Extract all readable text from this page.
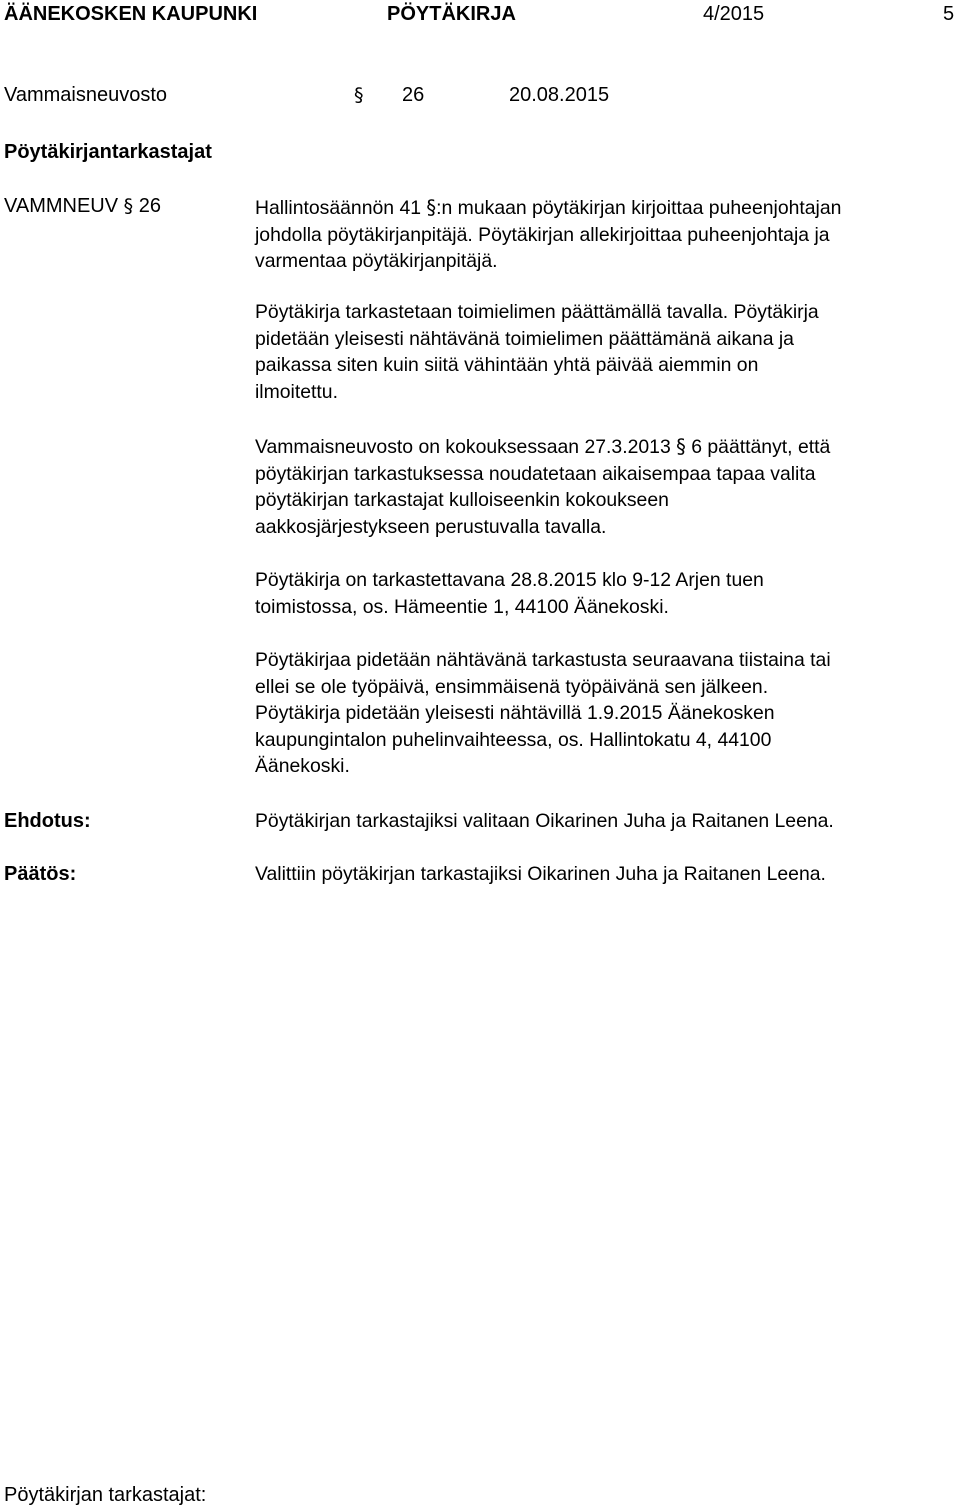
ÄÄNEKOSKEN KAUPUNKI	PÖYTÄKIRJA	4/2015	5
Vammaisneuvosto	§ 26	20.08.2015
Pöytäkirjantarkastajat
VAMMNEUV § 26	Hallintosäännön 41 §:n mukaan pöytäkirjan kirjoittaa puheenjohtajan
johdolla pöytäkirjanpitäjä. Pöytäkirjan allekirjoittaa puheenjohtaja ja
varmentaa pöytäkirjanpitäjä.

Pöytäkirja tarkastetaan toimielimen päättämällä tavalla. Pöytäkirja
pidetään yleisesti nähtävänä toimielimen päättämänä aikana ja
paikassa siten kuin siitä vähintään yhtä päivää aiemmin on
ilmoitettu.

Vammaisneuvosto on kokouksessaan 27.3.2013 § 6 päättänyt, että
pöytäkirjan tarkastuksessa noudatetaan aikaisempaa tapaa valita
pöytäkirjan tarkastajat kulloiseenkin kokoukseen
aakkosjärjestykseen perustuvalla tavalla.

Pöytäkirja on tarkastettavana 28.8.2015 klo 9-12 Arjen tuen
toimistossa, os. Hämeentie 1, 44100 Äänekoski.

Pöytäkirjaa pidetään nähtävänä tarkastusta seuraavana tiistaina tai
ellei se ole työpäivä, ensimmäisenä työpäivänä sen jälkeen.
Pöytäkirja pidetään yleisesti nähtävillä 1.9.2015 Äänekosken
kaupungintalon puhelinvaihteessa, os. Hallintokatu 4, 44100
Äänekoski.

Ehdotus:	Pöytäkirjan tarkastajiksi valitaan Oikarinen Juha ja Raitanen Leena.
Päätös:	Valittiin pöytäkirjan tarkastajiksi Oikarinen Juha ja Raitanen Leena.
Pöytäkirjan tarkastajat:
